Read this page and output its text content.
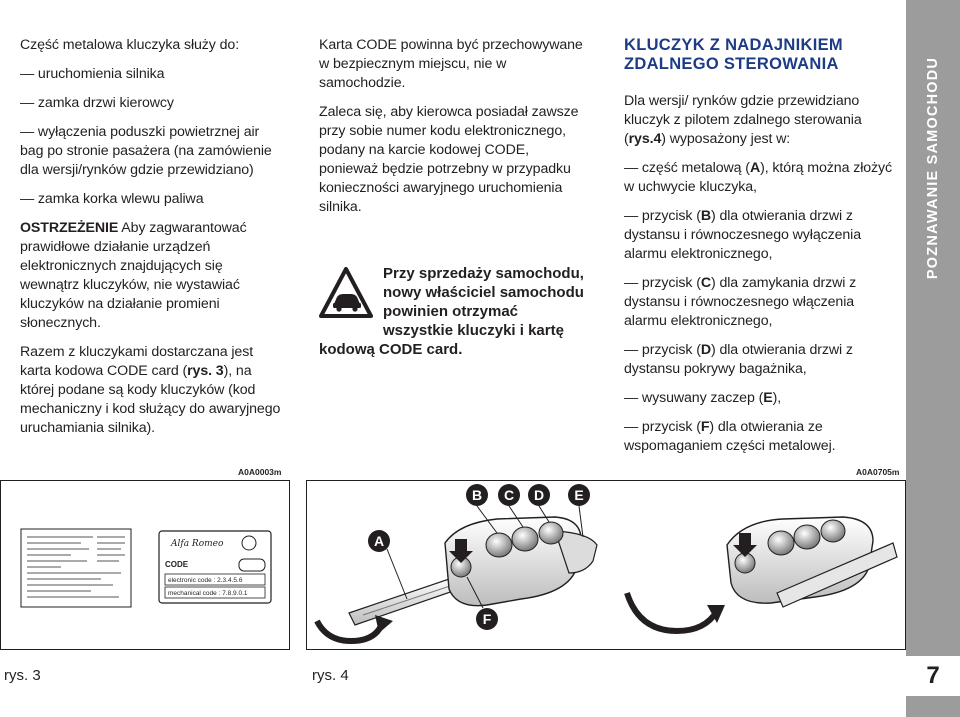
Część metalowa kluczyka służy do:

— uruchomienia silnika

— zamka drzwi kierowcy

— wyłączenia poduszki powietrznej air bag po stronie pasażera (na zamówienie dla wersji/rynków gdzie przewidziano)

— zamka korka wlewu paliwa

OSTRZEŻENIE Aby zagwarantować prawidłowe działanie urządzeń elektronicznych znajdujących się wewnątrz kluczyków, nie wystawiać kluczyków na działanie promieni słonecznych.

Razem z kluczykami dostarczana jest karta kodowa CODE card (rys. 3), na której podane są kody kluczyków (kod mechaniczny i kod służący do awaryjnego uruchamiania silnika).

Karta CODE powinna być przechowywane w bezpiecznym miejscu, nie w samochodzie.

Zaleca się, aby kierowca posiadał zawsze przy sobie numer kodu elektronicznego, podany na karcie kodowej CODE, ponieważ będzie potrzebny w przypadku konieczności awaryjnego uruchomienia silnika.

Przy sprzedaży samochodu, nowy właściciel samochodu powinien otrzymać wszystkie kluczyki i kartę kodową CODE card.
KLUCZYK Z NADAJNIKIEM ZDALNEGO STEROWANIA

Dla wersji/ rynków gdzie przewidziano kluczyk z pilotem zdalnego sterowania (rys.4) wyposażony jest w:

— część metalową (A), którą można złożyć w uchwycie kluczyka,

— przycisk (B) dla otwierania drzwi z dystansu i równoczesnego wyłączenia alarmu elektronicznego,

— przycisk (C) dla zamykania drzwi z dystansu i równoczesnego włączenia alarmu elektronicznego,

— przycisk (D) dla otwierania drzwi z dystansu pokrywy bagażnika,

— wysuwany zaczep (E),

— przycisk (F) dla otwierania ze wspomaganiem części metalowej.

POZNAWANIE SAMOCHODU
7
A0A0003m	A0A0705m
Alfa Romeo
CODE
electronic code : 2.3.4.5.6
mechanical code : 7.8.9.0.1
B C D E
A
F
rys. 3	rys. 4
